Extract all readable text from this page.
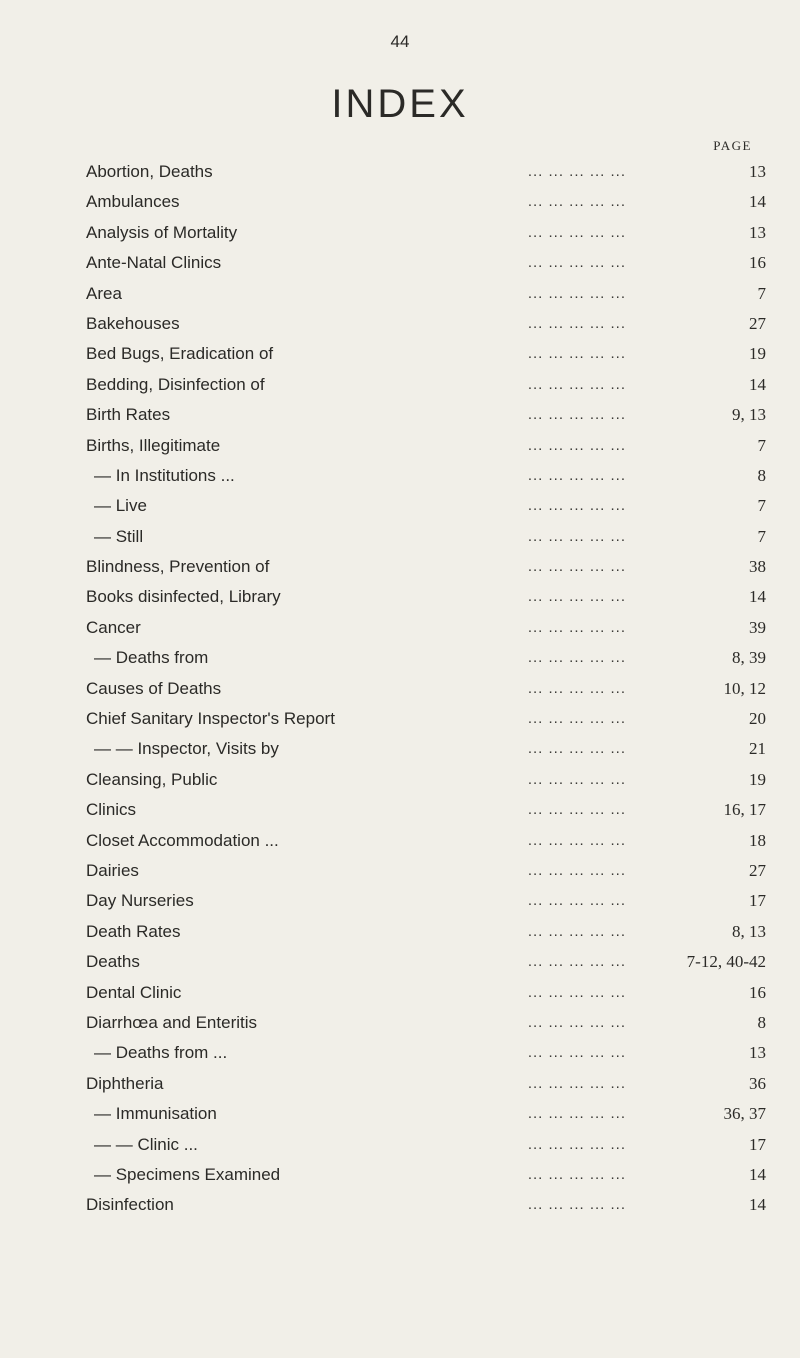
44
INDEX
PAGE
Abortion, Deaths	... ... ... ... ...	13
Ambulances	... ... ... ... ...	14
Analysis of Mortality	... ... ... ... ...	13
Ante-Natal Clinics	... ... ... ... ...	16
Area	... ... ... ... ...	7
Bakehouses	... ... ... ... ...	27
Bed Bugs, Eradication of	... ... ... ... ...	19
Bedding, Disinfection of	... ... ... ... ...	14
Birth Rates	... ... ... ... ...	9, 13
Births, Illegitimate	... ... ... ... ...	7
— In Institutions ...	... ... ... ... ...	8
— Live	... ... ... ... ...	7
— Still	... ... ... ... ...	7
Blindness, Prevention of	... ... ... ... ...	38
Books disinfected, Library	... ... ... ... ...	14
Cancer	... ... ... ... ...	39
— Deaths from	... ... ... ... ...	8, 39
Causes of Deaths	... ... ... ... ...	10, 12
Chief Sanitary Inspector's Report	... ... ... ... ...	20
— — Inspector, Visits by	... ... ... ... ...	21
Cleansing, Public	... ... ... ... ...	19
Clinics	... ... ... ... ...	16, 17
Closet Accommodation ...	... ... ... ... ...	18
Dairies	... ... ... ... ...	27
Day Nurseries	... ... ... ... ...	17
Death Rates	... ... ... ... ...	8, 13
Deaths	... ... ... ... ...	7-12, 40-42
Dental Clinic	... ... ... ... ...	16
Diarrhœa and Enteritis	... ... ... ... ...	8
— Deaths from ...	... ... ... ... ...	13
Diphtheria	... ... ... ... ...	36
— Immunisation	... ... ... ... ...	36, 37
— — Clinic ...	... ... ... ... ...	17
— Specimens Examined	... ... ... ... ...	14
Disinfection	... ... ... ... ...	14
